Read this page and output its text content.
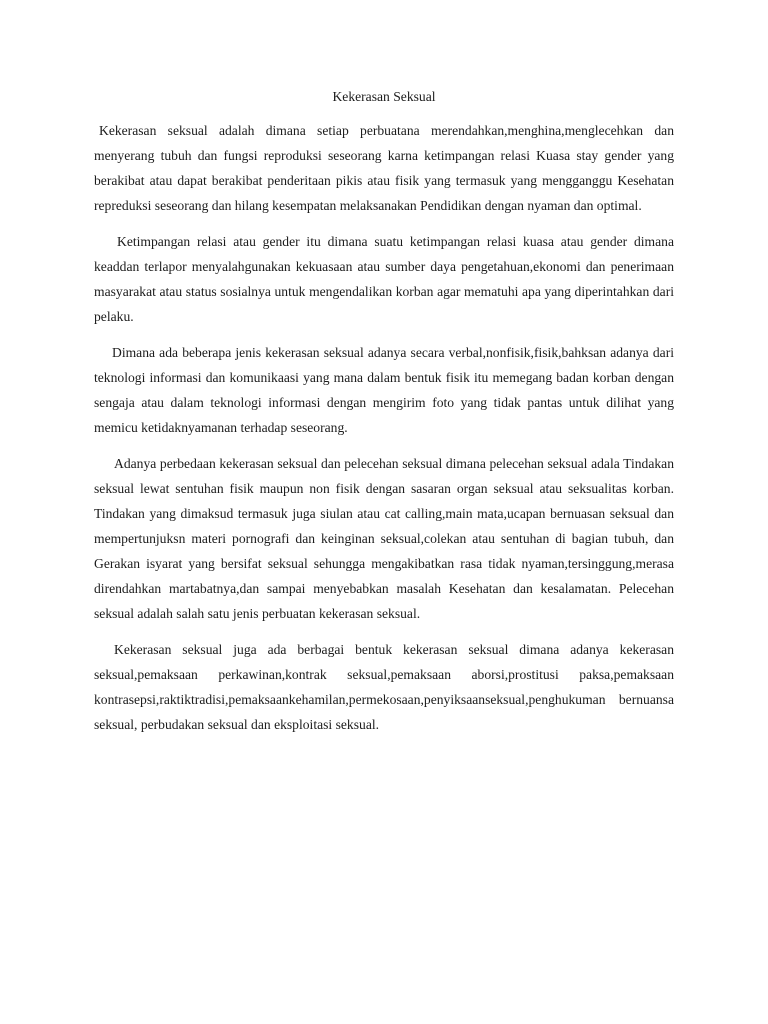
Kekerasan Seksual

Kekerasan seksual adalah dimana setiap perbuatana merendahkan,menghina,menglecehkan dan menyerang tubuh dan fungsi reproduksi seseorang karna ketimpangan relasi Kuasa stay gender yang berakibat atau dapat berakibat penderitaan pikis atau fisik yang termasuk yang mengganggu Kesehatan repreduksi seseorang dan hilang kesempatan melaksanakan Pendidikan dengan nyaman dan optimal.

Ketimpangan relasi atau gender itu dimana suatu ketimpangan relasi kuasa atau gender dimana keaddan terlapor menyalahgunakan kekuasaan atau sumber daya pengetahuan,ekonomi dan penerimaan masyarakat atau status sosialnya untuk mengendalikan korban agar mematuhi apa yang diperintahkan dari pelaku.

Dimana ada beberapa jenis kekerasan seksual adanya secara verbal,nonfisik,fisik,bahksan adanya dari teknologi informasi dan komunikaasi yang mana dalam bentuk fisik itu memegang badan korban dengan sengaja atau dalam teknologi informasi dengan mengirim foto yang tidak pantas untuk dilihat yang memicu ketidaknyamanan terhadap seseorang.

Adanya perbedaan kekerasan seksual dan pelecehan seksual dimana pelecehan seksual adala Tindakan seksual lewat sentuhan fisik maupun non fisik dengan sasaran organ seksual atau seksualitas korban. Tindakan yang dimaksud termasuk juga siulan atau cat calling,main mata,ucapan bernuasan seksual dan mempertunjuksn materi pornografi dan keinginan seksual,colekan atau sentuhan di bagian tubuh, dan Gerakan isyarat yang bersifat seksual sehungga mengakibatkan rasa tidak nyaman,tersinggung,merasa direndahkan martabatnya,dan sampai menyebabkan masalah Kesehatan dan kesalamatan. Pelecehan seksual adalah salah satu jenis perbuatan kekerasan seksual.

Kekerasan seksual juga ada berbagai bentuk kekerasan seksual dimana adanya kekerasan seksual,pemaksaan perkawinan,kontrak seksual,pemaksaan aborsi,prostitusi paksa,pemaksaan kontrasepsi,raktiktradisi,pemaksaankehamilan,permekosaan,penyiksaanseksual,penghukuman bernuansa seksual, perbudakan seksual dan eksploitasi seksual.
